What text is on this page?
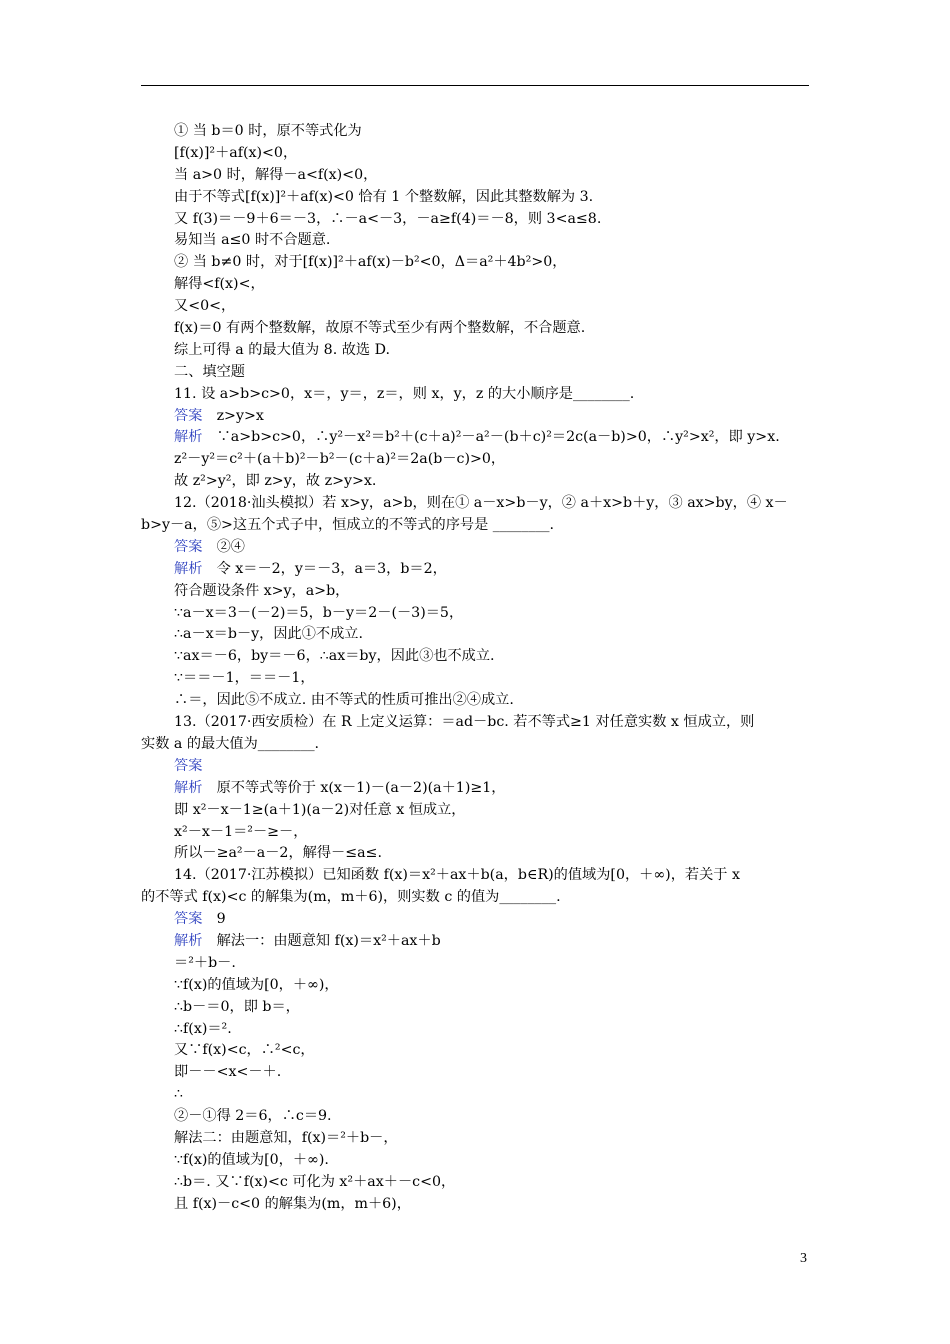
① 当 b＝0 时，原不等式化为
[f(x)]²＋af(x)<0，
当 a>0 时，解得－a<f(x)<0，
由于不等式[f(x)]²＋af(x)<0 恰有 1 个整数解，因此其整数解为 3.
又 f(3)＝－9＋6＝－3，∴－a<－3，－a≥f(4)＝－8，则 3<a≤8.
易知当 a≤0 时不合题意.
② 当 b≠0 时，对于[f(x)]²＋af(x)－b²<0，Δ＝a²＋4b²>0，
解得<f(x)<，
又<0<，
f(x)＝0 有两个整数解，故原不等式至少有两个整数解，不合题意.
综上可得 a 的最大值为 8. 故选 D.
二、填空题
11. 设 a>b>c>0，x＝，y＝，z＝，则 x，y，z 的大小顺序是________.
答案  z>y>x
解析  ∵a>b>c>0，∴y²－x²＝b²＋(c＋a)²－a²－(b＋c)²＝2c(a－b)>0，∴y²>x²，即 y>x.
z²－y²＝c²＋(a＋b)²－b²－(c＋a)²＝2a(b－c)>0，
故 z²>y²，即 z>y，故 z>y>x.
12.（2018·汕头模拟）若 x>y，a>b，则在① a－x>b－y，② a＋x>b＋y，③ ax>by，④ x－
b>y－a，⑤>这五个式子中，恒成立的不等式的序号是 ________.
答案  ②④
解析  令 x＝－2，y＝－3，a＝3，b＝2，
符合题设条件 x>y，a>b，
∵a－x＝3－(－2)＝5，b－y＝2－(－3)＝5，
∴a－x＝b－y，因此①不成立.
∵ax＝－6，by＝－6，∴ax＝by，因此③也不成立.
∵＝＝－1，＝＝－1，
∴＝，因此⑤不成立. 由不等式的性质可推出②④成立.
13.（2017·西安质检）在 R 上定义运算：＝ad－bc. 若不等式≥1 对任意实数 x 恒成立，则
实数 a 的最大值为________.
答案 
解析  原不等式等价于 x(x－1)－(a－2)(a＋1)≥1，
即 x²－x－1≥(a＋1)(a－2)对任意 x 恒成立，
x²－x－1＝²－≥－，
所以－≥a²－a－2，解得－≤a≤.
14.（2017·江苏模拟）已知函数 f(x)＝x²＋ax＋b(a，b∈R)的值域为[0，＋∞)，若关于 x
的不等式 f(x)<c 的解集为(m，m＋6)，则实数 c 的值为________.
答案  9
解析  解法一：由题意知 f(x)＝x²＋ax＋b
＝²＋b－.
∵f(x)的值域为[0，＋∞)，
∴b－＝0，即 b＝，
∴f(x)＝².
又∵f(x)<c，∴²<c，
即－－<x<－＋.
∴
②－①得 2＝6，∴c＝9.
解法二：由题意知，f(x)＝²＋b－，
∵f(x)的值域为[0，＋∞).
∴b＝. 又∵f(x)<c 可化为 x²＋ax＋－c<0，
且 f(x)－c<0 的解集为(m，m＋6)，
3
